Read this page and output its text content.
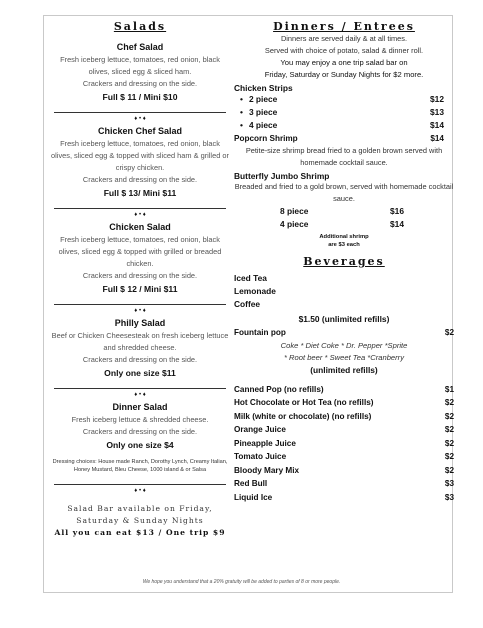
Salads
Chef Salad

Fresh iceberg lettuce, tomatoes, red onion, black olives, sliced egg & sliced ham.

Crackers and dressing on the side.

Full $ 11 / Mini $10

♦ • ♦
Chicken Chef Salad

Fresh iceberg lettuce, tomatoes, red onion, black olives, sliced egg & topped with sliced ham & grilled or crispy chicken.

Crackers and dressing on the side.

Full $ 13/ Mini $11

♦ • ♦
Chicken Salad

Fresh iceberg lettuce, tomatoes, red onion, black olives, sliced egg & topped with grilled or breaded chicken.

Crackers and dressing on the side.

Full $ 12 / Mini $11

♦ • ♦
Philly Salad

Beef or Chicken Cheesesteak on fresh iceberg lettuce and shredded cheese.

Crackers and dressing on the side.

Only one size $11

♦ • ♦
Dinner Salad

Fresh iceberg lettuce & shredded cheese.

Crackers and dressing on the side.

Only one size $4

Dressing choices: House made Ranch, Dorothy Lynch, Creamy Italian, Honey Mustard, Bleu Cheese, 1000 island & or Salsa

♦ • ♦
Salad Bar available on Friday,
Saturday & Sunday Nights
All you can eat $13 / One trip $9
Dinners / Entrees

Dinners are served daily & at all times.

Served with choice of potato, salad & dinner roll.

You may enjoy a one trip salad bar on

Friday, Saturday or Sunday Nights for $2 more.

Chicken Strips
• 2 piece	$12
• 3 piece	$13
• 4 piece	$14
Popcorn Shrimp	$14

Petite-size shrimp bread fried to a golden brown served with homemade cocktail sauce.

Butterfly Jumbo Shrimp

Breaded and fried to a gold brown, served with homemade cocktail sauce.

8 piece	$16
4 piece	$14
Additional shrimp
are $3 each
Beverages
Iced Tea
Lemonade
Coffee
$1.50 (unlimited refills)
Fountain pop	$2
Coke * Diet Coke * Dr. Pepper *Sprite
* Root beer * Sweet Tea *Cranberry
(unlimited refills)
Canned Pop (no refills)	$1
Hot Chocolate or Hot Tea (no refills)	$2
Milk (white or chocolate) (no refills)	$2
Orange Juice	$2
Pineapple Juice	$2
Tomato Juice	$2
Bloody Mary Mix	$2
Red Bull	$3
Liquid Ice	$3
We hope you understand that a 20% gratuity will be added to parties of 8 or more people.
